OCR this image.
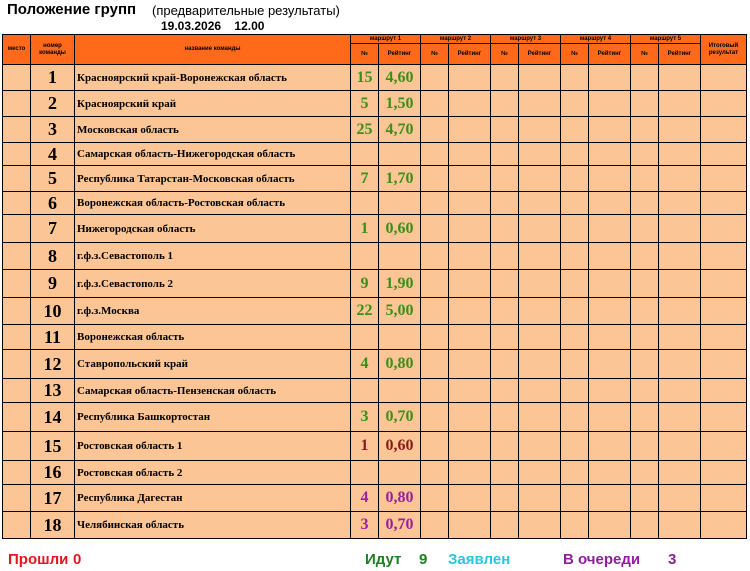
Положение групп (предварительные результаты)
19.03.2026 12.00
место	номер команды	название команды	маршрут 1		маршрут 2		маршрут 3		маршрут 4		маршрут 5		Итоговый результат
			№	Рейтинг	№	Рейтинг	№	Рейтинг	№	Рейтинг	№	Рейтинг	
	1	Красноярский край-Воронежская область	15	4,60									
	2	Красноярский край	5	1,50									
	3	Московская область	25	4,70									
	4	Самарская область-Нижегородская область											
	5	Республика Татарстан-Московская область	7	1,70									
	6	Воронежская область-Ростовская область											
	7	Нижегородская область	1	0,60									
	8	г.ф.з.Севастополь 1											
	9	г.ф.з.Севастополь 2	9	1,90									
	10	г.ф.з.Москва	22	5,00									
	11	Воронежская область											
	12	Ставропольский край	4	0,80									
	13	Самарская область-Пензенская область											
	14	Республика Башкортостан	3	0,70									
	15	Ростовская область 1	1	0,60									
	16	Ростовская область 2											
	17	Республика Дагестан	4	0,80									
	18	Челябинская область	3	0,70									
Прошли 0	Идут 9 Заявлен	В очереди 3
